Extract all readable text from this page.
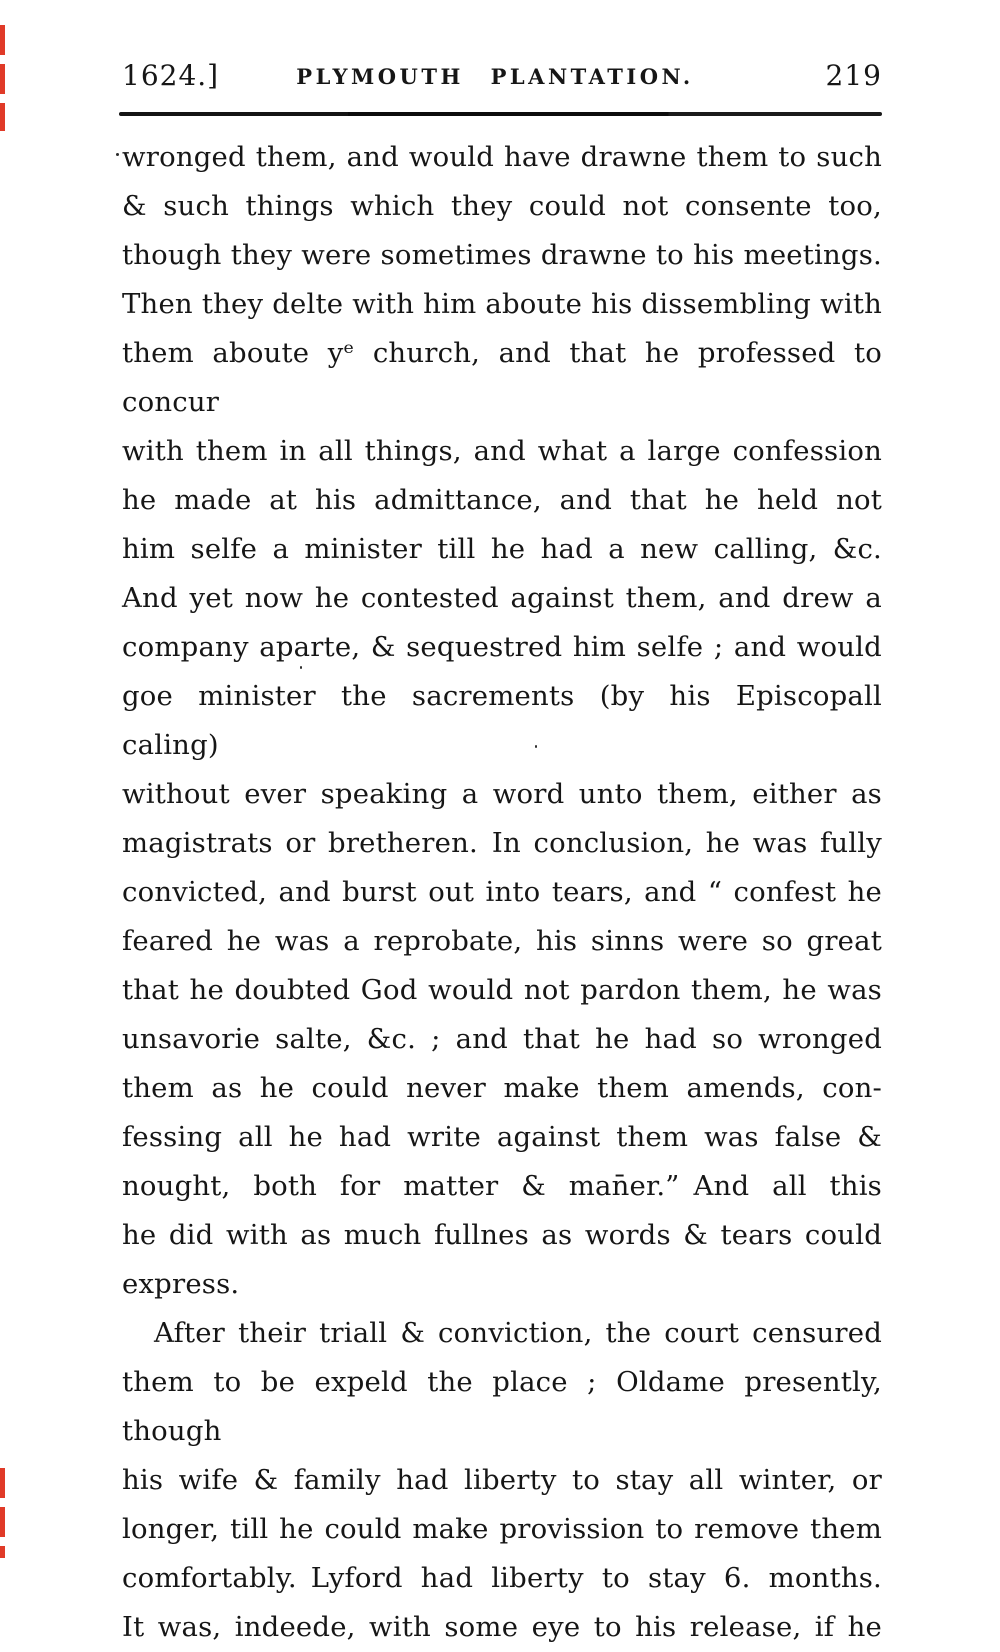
1624.]	PLYMOUTH PLANTATION.	219
wronged them, and would have drawne them to such
& such things which they could not consente too,
though they were sometimes drawne to his meetings.
Then they delte with him aboute his dissembling with
them aboute yᵉ church, and that he professed to concur
with them in all things, and what a large confession
he made at his admittance, and that he held not
him selfe a minister till he had a new calling, &c.
And yet now he contested against them, and drew a
company aparte, & sequestred him selfe ; and would
goe minister the sacrements (by his Episcopall caling)
without ever speaking a word unto them, either as
magistrats or bretheren. In conclusion, he was fully
convicted, and burst out into tears, and “ confest he
feared he was a reprobate, his sinns were so great
that he doubted God would not pardon them, he was
unsavorie salte, &c. ; and that he had so wronged
them as he could never make them amends, con-
fessing all he had write against them was false &
nought, both for matter & man̄er.” And all this
he did with as much fullnes as words & tears could
express.
After their triall & conviction, the court censured
them to be expeld the place ; Oldame presently, though
his wife & family had liberty to stay all winter, or
longer, till he could make provission to remove them
comfortably. Lyford had liberty to stay 6. months.
It was, indeede, with some eye to his release, if he
